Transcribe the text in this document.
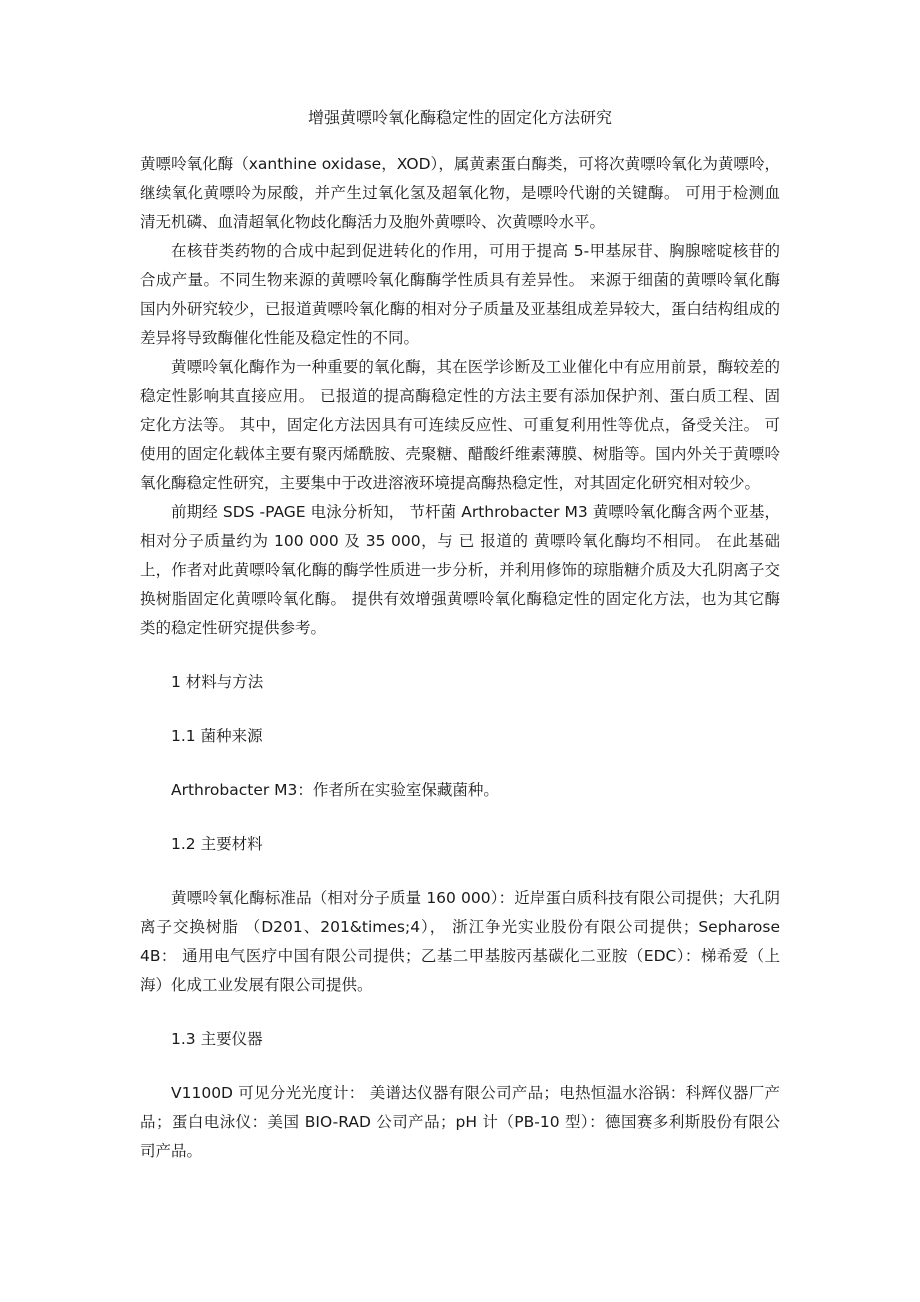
增强黄嘌呤氧化酶稳定性的固定化方法研究

黄嘌呤氧化酶（xanthine oxidase，XOD），属黄素蛋白酶类，可将次黄嘌呤氧化为黄嘌呤，继续氧化黄嘌呤为尿酸，并产生过氧化氢及超氧化物，是嘌呤代谢的关键酶。 可用于检测血清无机磷、血清超氧化物歧化酶活力及胞外黄嘌呤、次黄嘌呤水平。

在核苷类药物的合成中起到促进转化的作用，可用于提高 5-甲基尿苷、胸腺嘧啶核苷的合成产量。不同生物来源的黄嘌呤氧化酶酶学性质具有差异性。 来源于细菌的黄嘌呤氧化酶国内外研究较少，已报道黄嘌呤氧化酶的相对分子质量及亚基组成差异较大，蛋白结构组成的差异将导致酶催化性能及稳定性的不同。

黄嘌呤氧化酶作为一种重要的氧化酶，其在医学诊断及工业催化中有应用前景，酶较差的稳定性影响其直接应用。 已报道的提高酶稳定性的方法主要有添加保护剂、蛋白质工程、固定化方法等。 其中，固定化方法因具有可连续反应性、可重复利用性等优点，备受关注。 可使用的固定化载体主要有聚丙烯酰胺、壳聚糖、醋酸纤维素薄膜、树脂等。国内外关于黄嘌呤氧化酶稳定性研究，主要集中于改进溶液环境提高酶热稳定性，对其固定化研究相对较少。

前期经 SDS -PAGE 电泳分析知， 节杆菌 Arthrobacter M3 黄嘌呤氧化酶含两个亚基， 相对分子质量约为 100 000 及 35 000，与 已 报道的 黄嘌呤氧化酶均不相同。 在此基础上，作者对此黄嘌呤氧化酶的酶学性质进一步分析，并利用修饰的琼脂糖介质及大孔阴离子交换树脂固定化黄嘌呤氧化酶。 提供有效增强黄嘌呤氧化酶稳定性的固定化方法，也为其它酶类的稳定性研究提供参考。

1 材料与方法

1.1 菌种来源

Arthrobacter M3：作者所在实验室保藏菌种。

1.2 主要材料

黄嘌呤氧化酶标准品（相对分子质量 160 000）：近岸蛋白质科技有限公司提供；大孔阴离子交换树脂 （D201、201&times;4）， 浙江争光实业股份有限公司提供；Sepharose 4B： 通用电气医疗中国有限公司提供；乙基二甲基胺丙基碳化二亚胺（EDC）：梯希爱（上海）化成工业发展有限公司提供。

1.3 主要仪器

V1100D 可见分光光度计： 美谱达仪器有限公司产品；电热恒温水浴锅：科辉仪器厂产品；蛋白电泳仪：美国 BIO-RAD 公司产品；pH 计（PB-10 型）：德国赛多利斯股份有限公司产品。
